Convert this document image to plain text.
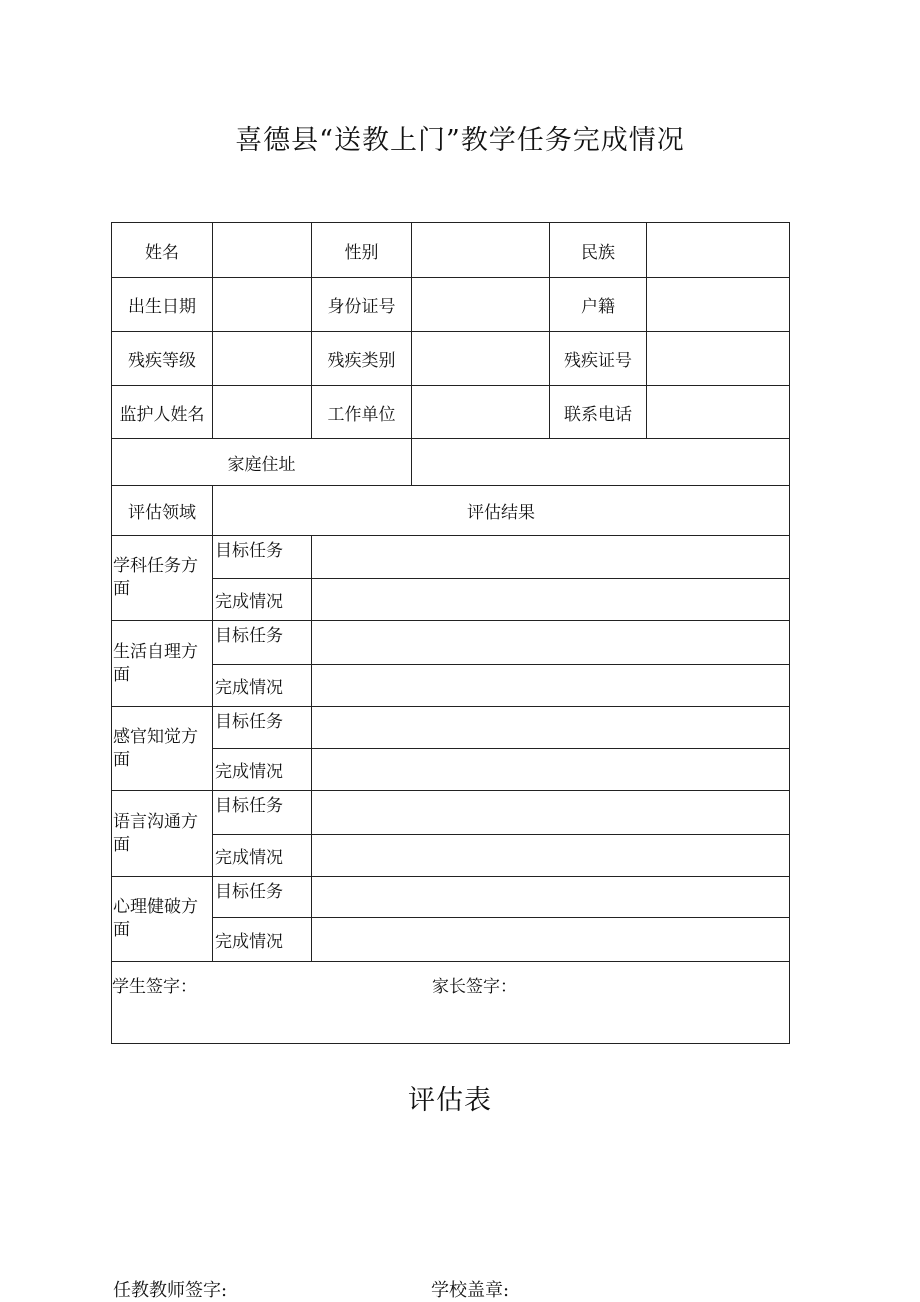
喜德县“送教上门”教学任务完成情况
姓名		性别		民族	
出生日期		身份证号		户籍	
残疾等级		残疾类别		残疾证号	
监护人姓名		工作单位		联系电话	
家庭住址					
评估领域	评估结果				
学科任务方面	目标任务				
	完成情况				
生活自理方面	目标任务				
	完成情况				
感官知觉方面	目标任务				
	完成情况				
语言沟通方面	目标任务				
	完成情况				
心理健破方面	目标任务				
	完成情况				
学生签字： 家长签字：					
评估表
任教教师签字:	学校盖章:
